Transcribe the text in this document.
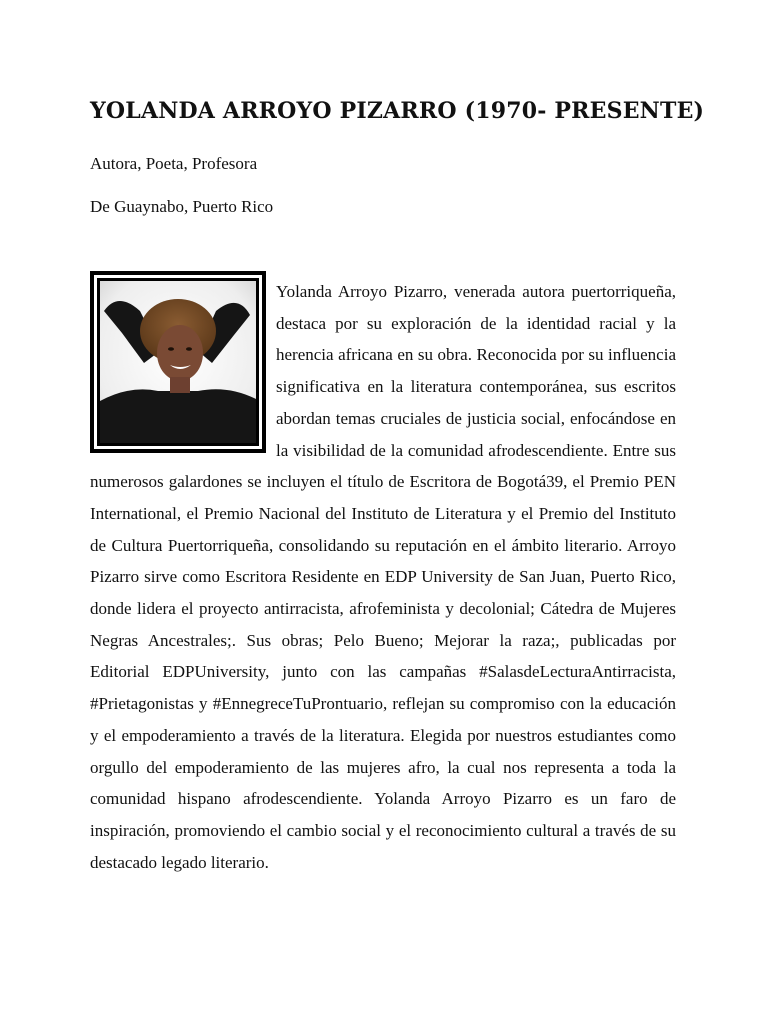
YOLANDA ARROYO PIZARRO (1970- PRESENTE)

Autora, Poeta, Profesora

De Guaynabo, Puerto Rico

Yolanda Arroyo Pizarro, venerada autora puertorriqueña, destaca por su exploración de la identidad racial y la herencia africana en su obra. Reconocida por su influencia significativa en la literatura contemporánea, sus escritos abordan temas cruciales de justicia social, enfocándose en la visibilidad de la comunidad afrodescendiente. Entre sus numerosos galardones se incluyen el título de Escritora de Bogotá39, el Premio PEN International, el Premio Nacional del Instituto de Literatura y el Premio del Instituto de Cultura Puertorriqueña, consolidando su reputación en el ámbito literario. Arroyo Pizarro sirve como Escritora Residente en EDP University de San Juan, Puerto Rico, donde lidera el proyecto antirracista, afrofeminista y decolonial; Cátedra de Mujeres Negras Ancestrales;. Sus obras; Pelo Bueno; Mejorar la raza;, publicadas por Editorial EDPUniversity, junto con las campañas #SalasdeLecturaAntirracista, #Prietagonistas y #EnnegreceTuProntuario, reflejan su compromiso con la educación y el empoderamiento a través de la literatura. Elegida por nuestros estudiantes como orgullo del empoderamiento de las mujeres afro, la cual nos representa a toda la comunidad hispano afrodescendiente. Yolanda Arroyo Pizarro es un faro de inspiración, promoviendo el cambio social y el reconocimiento cultural a través de su destacado legado literario.
